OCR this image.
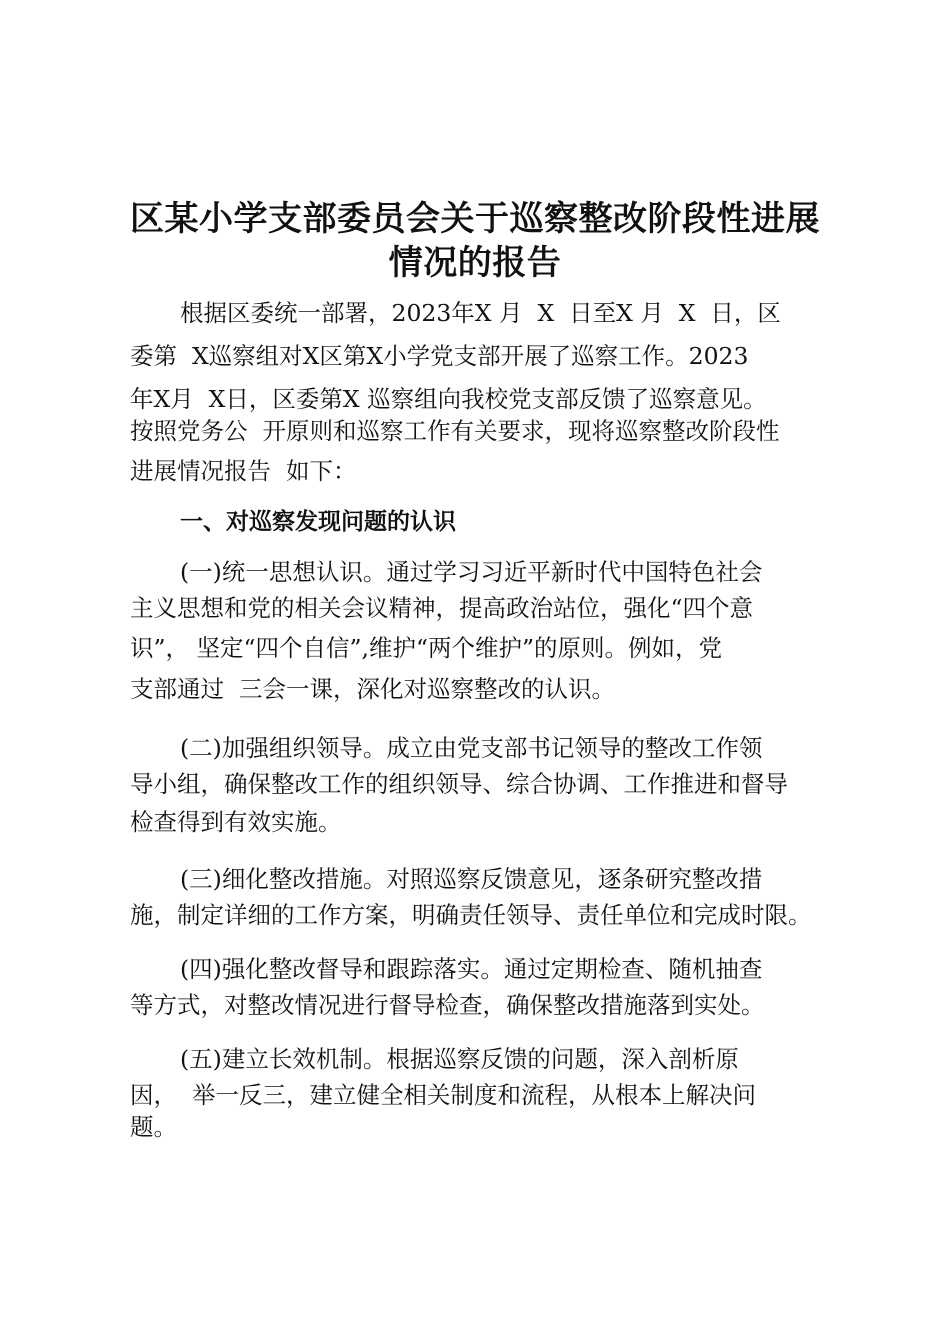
区某小学支部委员会关于巡察整改阶段性进展
情况的报告
根据区委统一部署，2023年X 月  X  日至X 月  X  日，区
委第  X巡察组对X区第X小学党支部开展了巡察工作。2023
年X月  X日，区委第X 巡察组向我校党支部反馈了巡察意见。
按照党务公  开原则和巡察工作有关要求，现将巡察整改阶段性
进展情况报告  如下：
一、对巡察发现问题的认识
(一)统一思想认识。通过学习习近平新时代中国特色社会
主义思想和党的相关会议精神，提高政治站位，强化“四个意
识”， 坚定“四个自信”,维护“两个维护”的原则。例如，党
支部通过  三会一课，深化对巡察整改的认识。
(二)加强组织领导。成立由党支部书记领导的整改工作领
导小组，确保整改工作的组织领导、综合协调、工作推进和督导
检查得到有效实施。
(三)细化整改措施。对照巡察反馈意见，逐条研究整改措
施，制定详细的工作方案，明确责任领导、责任单位和完成时限。
(四)强化整改督导和跟踪落实。通过定期检查、随机抽查
等方式，对整改情况进行督导检查，确保整改措施落到实处。
(五)建立长效机制。根据巡察反馈的问题，深入剖析原
因，  举一反三，建立健全相关制度和流程，从根本上解决问
题。
